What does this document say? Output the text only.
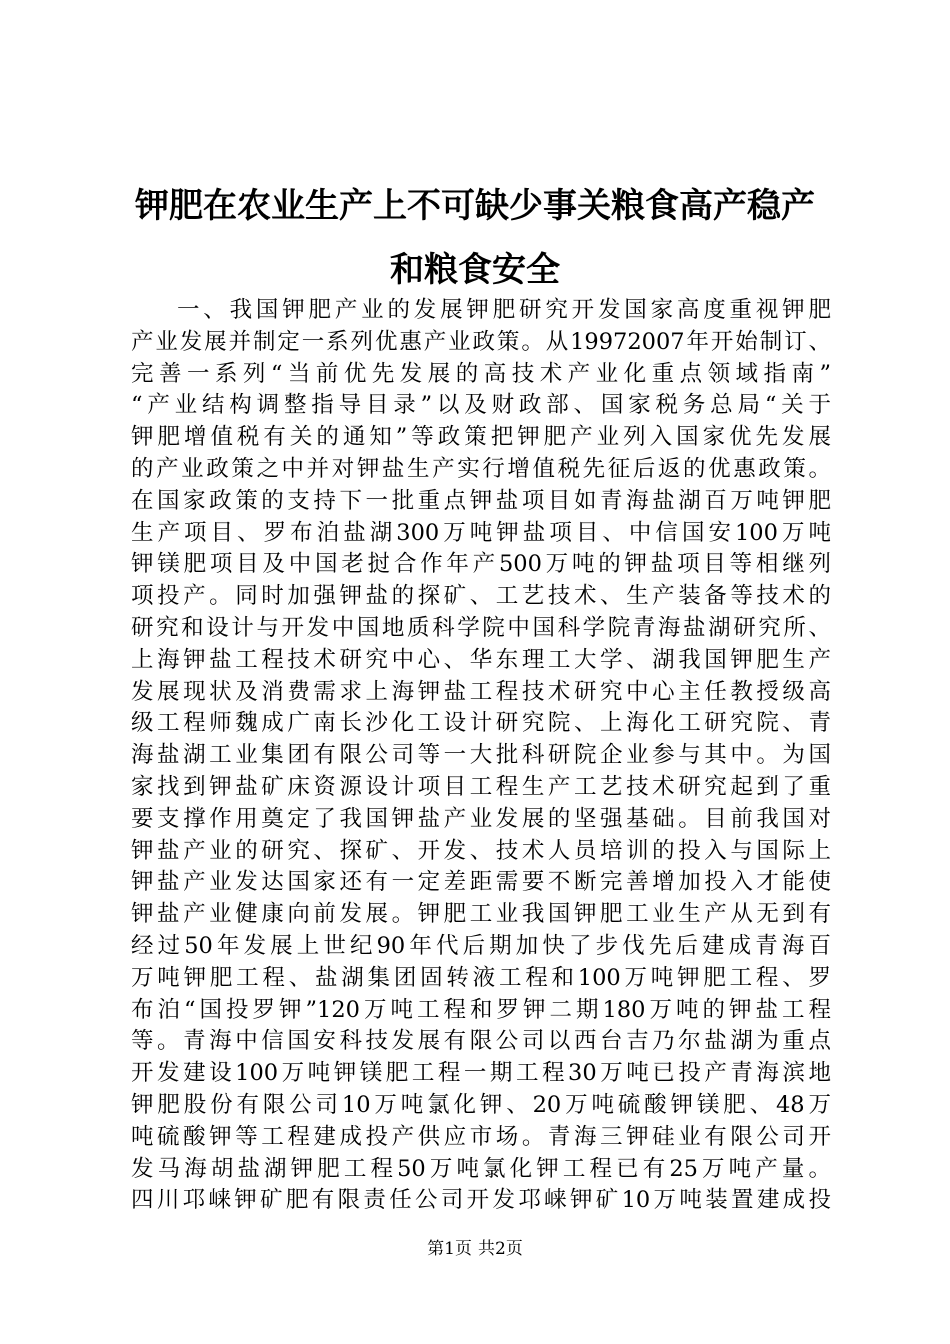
钾肥在农业生产上不可缺少事关粮食高产稳产
和粮食安全
一、我国钾肥产业的发展钾肥研究开发国家高度重视钾肥
产业发展并制定一系列优惠产业政策。从19972007年开始制订、
完善一系列“当前优先发展的高技术产业化重点领域指南”
“产业结构调整指导目录”以及财政部、国家税务总局“关于
钾肥增值税有关的通知”等政策把钾肥产业列入国家优先发展
的产业政策之中并对钾盐生产实行增值税先征后返的优惠政策。
在国家政策的支持下一批重点钾盐项目如青海盐湖百万吨钾肥
生产项目、罗布泊盐湖300万吨钾盐项目、中信国安100万吨
钾镁肥项目及中国老挝合作年产500万吨的钾盐项目等相继列
项投产。同时加强钾盐的探矿、工艺技术、生产装备等技术的
研究和设计与开发中国地质科学院中国科学院青海盐湖研究所、
上海钾盐工程技术研究中心、华东理工大学、湖我国钾肥生产
发展现状及消费需求上海钾盐工程技术研究中心主任教授级高
级工程师魏成广南长沙化工设计研究院、上海化工研究院、青
海盐湖工业集团有限公司等一大批科研院企业参与其中。为国
家找到钾盐矿床资源设计项目工程生产工艺技术研究起到了重
要支撑作用奠定了我国钾盐产业发展的坚强基础。目前我国对
钾盐产业的研究、探矿、开发、技术人员培训的投入与国际上
钾盐产业发达国家还有一定差距需要不断完善增加投入才能使
钾盐产业健康向前发展。钾肥工业我国钾肥工业生产从无到有
经过50年发展上世纪90年代后期加快了步伐先后建成青海百
万吨钾肥工程、盐湖集团固转液工程和100万吨钾肥工程、罗
布泊“国投罗钾”120万吨工程和罗钾二期180万吨的钾盐工程
等。青海中信国安科技发展有限公司以西台吉乃尔盐湖为重点
开发建设100万吨钾镁肥工程一期工程30万吨已投产青海滨地
钾肥股份有限公司10万吨氯化钾、20万吨硫酸钾镁肥、48万
吨硫酸钾等工程建成投产供应市场。青海三钾硅业有限公司开
发马海胡盐湖钾肥工程50万吨氯化钾工程已有25万吨产量。
四川邛崃钾矿肥有限责任公司开发邛崃钾矿10万吨装置建成投
第1页 共2页
